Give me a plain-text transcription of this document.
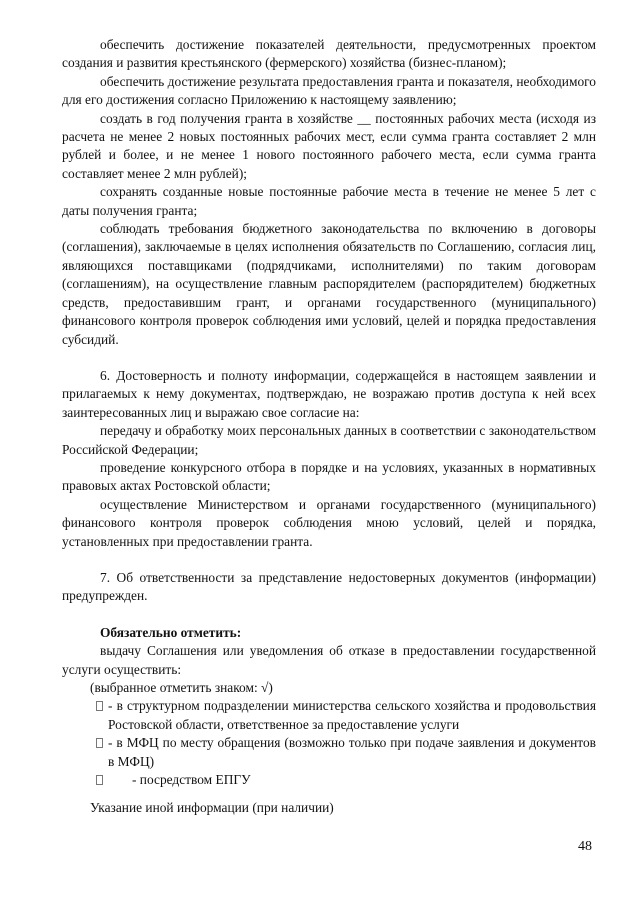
обеспечить достижение показателей деятельности, предусмотренных проектом создания и развития крестьянского (фермерского) хозяйства (бизнес-планом);

обеспечить достижение результата предоставления гранта и показателя, необходимого для его достижения согласно Приложению к настоящему заявлению;

создать в год получения гранта в хозяйстве __ постоянных рабочих места (исходя из расчета не менее 2 новых постоянных рабочих мест, если сумма гранта составляет 2 млн рублей и более, и не менее 1 нового постоянного рабочего места, если сумма гранта составляет менее 2 млн рублей);

сохранять созданные новые постоянные рабочие места в течение не менее 5 лет с даты получения гранта;

соблюдать требования бюджетного законодательства по включению в договоры (соглашения), заключаемые в целях исполнения обязательств по Соглашению, согласия лиц, являющихся поставщиками (подрядчиками, исполнителями) по таким договорам (соглашениям), на осуществление главным распорядителем (распорядителем) бюджетных средств, предоставившим грант, и органами государственного (муниципального) финансового контроля проверок соблюдения ими условий, целей и порядка предоставления субсидий.

6. Достоверность и полноту информации, содержащейся в настоящем заявлении и прилагаемых к нему документах, подтверждаю, не возражаю против доступа к ней всех заинтересованных лиц и выражаю свое согласие на:

передачу и обработку моих персональных данных в соответствии с законодательством Российской Федерации;

проведение конкурсного отбора в порядке и на условиях, указанных в нормативных правовых актах Ростовской области;

осуществление Министерством и органами государственного (муниципального) финансового контроля проверок соблюдения мною условий, целей и порядка, установленных при предоставлении гранта.

7. Об ответственности за представление недостоверных документов (информации) предупрежден.

Обязательно отметить:

выдачу Соглашения или уведомления об отказе в предоставлении государственной услуги осуществить:

(выбранное отметить знаком: √)

- в структурном подразделении министерства сельского хозяйства и продовольствия Ростовской области, ответственное за предоставление услуги
- в МФЦ по месту обращения (возможно только при подаче заявления и документов в МФЦ)
- посредством ЕПГУ

Указание иной информации (при наличии)

48
